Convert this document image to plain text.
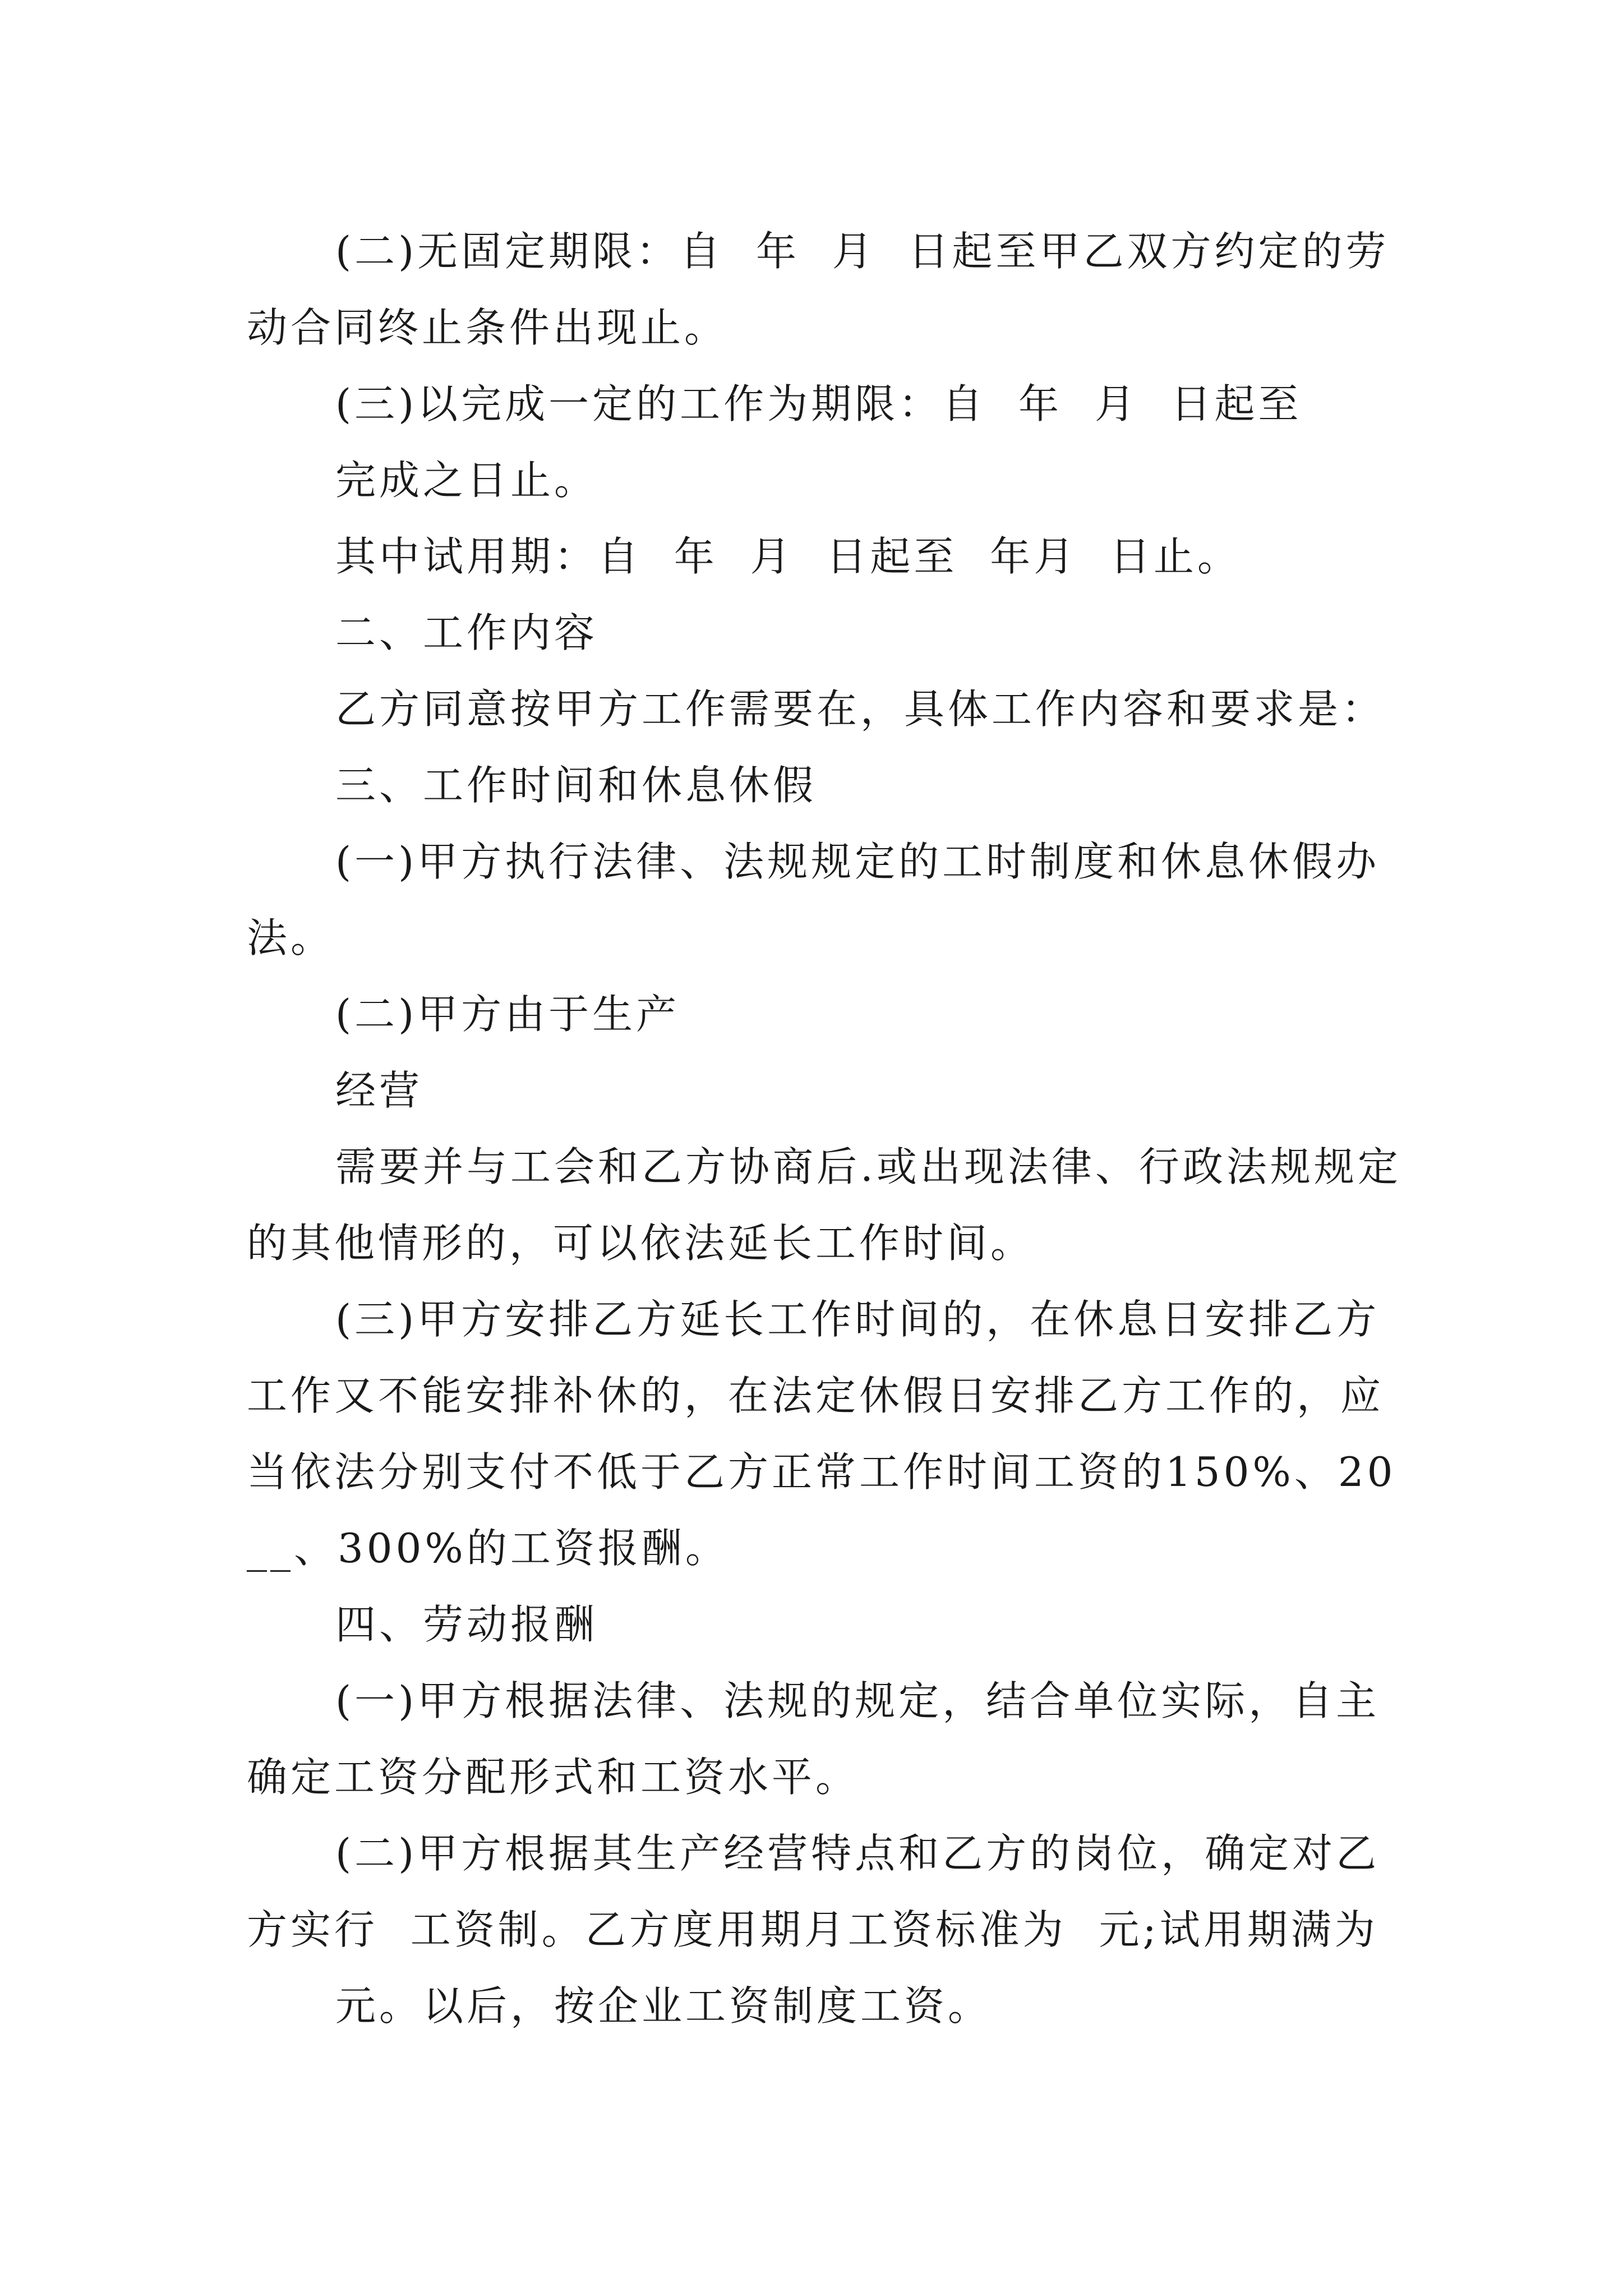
(二)无固定期限：自  年  月  日起至甲乙双方约定的劳动合同终止条件出现止。

(三)以完成一定的工作为期限：自  年  月  日起至

完成之日止。

其中试用期：自  年  月  日起至  年月  日止。

二、工作内容

乙方同意按甲方工作需要在，具体工作内容和要求是：

三、工作时间和休息休假

(一)甲方执行法律、法规规定的工时制度和休息休假办法。

(二)甲方由于生产

经营

需要并与工会和乙方协商后.或出现法律、行政法规规定的其他情形的，可以依法延长工作时间。

(三)甲方安排乙方延长工作时间的，在休息日安排乙方工作又不能安排补休的，在法定休假日安排乙方工作的，应当依法分别支付不低于乙方正常工作时间工资的150%、20__、300%的工资报酬。

四、劳动报酬

(一)甲方根据法律、法规的规定，结合单位实际，自主确定工资分配形式和工资水平。

(二)甲方根据其生产经营特点和乙方的岗位，确定对乙方实行  工资制。乙方度用期月工资标准为  元;试用期满为

元。以后，按企业工资制度工资。
